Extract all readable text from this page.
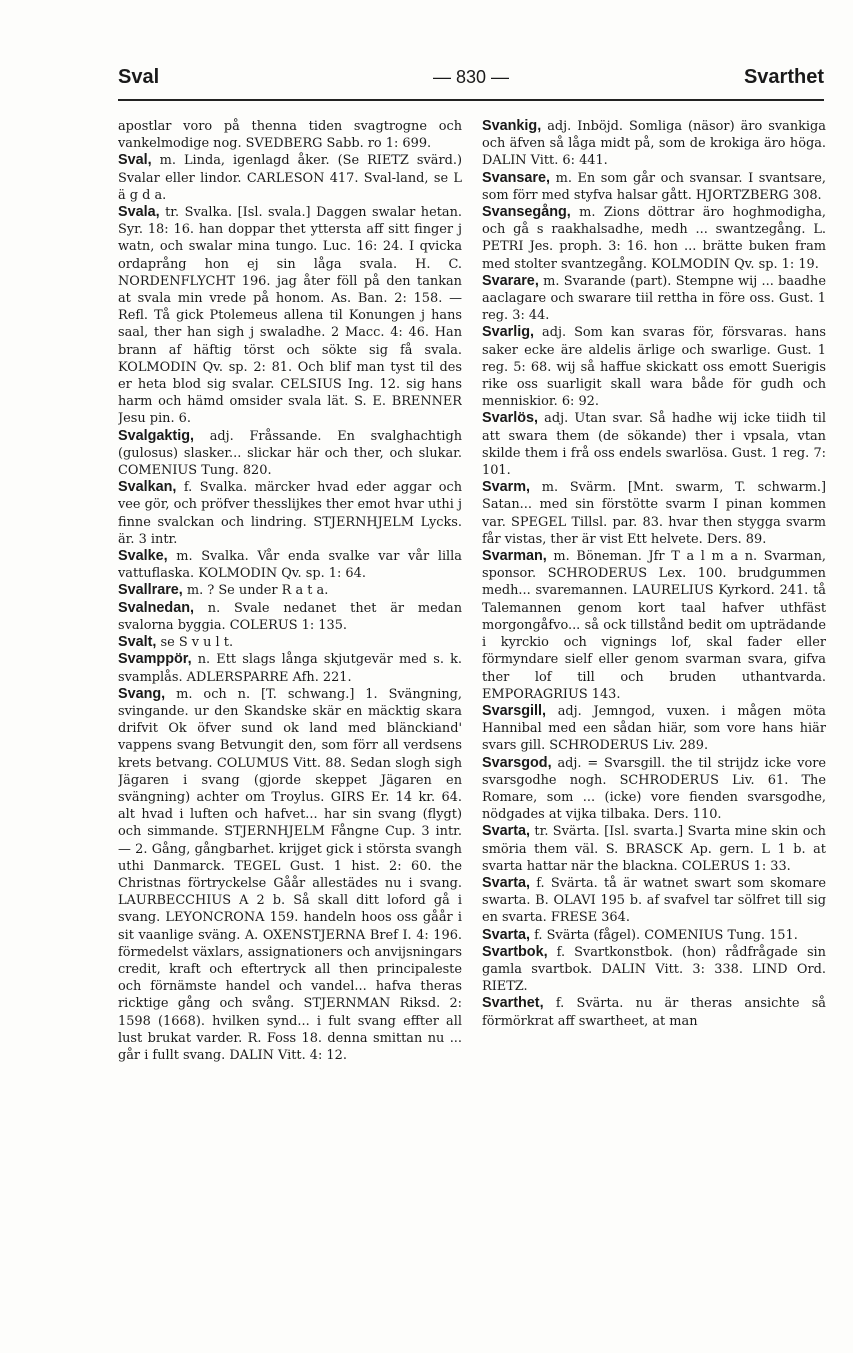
Sval	— 830 —	Svarthet

apostlar voro på thenna tiden svagtrogne och vankelmodige nog. SVEDBERG Sabb. ro 1: 699.

Sval, m. Linda, igenlagd åker. (Se RIETZ svärd.) Svalar eller lindor. CARLESON 417. Sval-land, se L ä g d a.

Svala, tr. Svalka. [Isl. svala.] Daggen swalar hetan. Syr. 18: 16. han doppar thet yttersta aff sitt finger j watn, och swalar mina tungo. Luc. 16: 24. I qvicka ordaprång hon ej sin låga svala. H. C. NORDENFLYCHT 196. jag åter föll på den tankan at svala min vrede på honom. As. Ban. 2: 158. — Refl. Tå gick Ptolemeus allena til Konungen j hans saal, ther han sigh j swaladhe. 2 Macc. 4: 46. Han brann af häftig törst och sökte sig få svala. KOLMODIN Qv. sp. 2: 81. Och blif man tyst til des er heta blod sig svalar. CELSIUS Ing. 12. sig hans harm och hämd omsider svala lät. S. E. BRENNER Jesu pin. 6.

Svalgaktig, adj. Fråssande. En svalghachtigh (gulosus) slasker... slickar här och ther, och slukar. COMENIUS Tung. 820.

Svalkan, f. Svalka. märcker hvad eder aggar och vee gör, och pröfver thesslijkes ther emot hvar uthi j finne svalckan och lindring. STJERNHJELM Lycks. är. 3 intr.

Svalke, m. Svalka. Vår enda svalke var vår lilla vattuflaska. KOLMODIN Qv. sp. 1: 64.

Svallrare, m. ? Se under R a t a.

Svalnedan, n. Svale nedanet thet är medan svalorna byggia. COLERUS 1: 135.

Svalt, se S v u l t.

Svampрör, n. Ett slags långa skjutgevär med s. k. svamplås. ADLERSPARRE Afh. 221.

Svang, m. och n. [T. schwang.] 1. Svängning, svingande. ur den Skandske skär en mäcktig skara drifvit Ok öfver sund ok land med blänckiand' vappens svang Betvungit den, som förr all verdsens krets betvang. COLUMUS Vitt. 88. Sedan slogh sigh Jägaren i svang (gjorde skeppet Jägaren en svängning) achter om Troylus. GIRS Er. 14 kr. 64. alt hvad i luften och hafvet... har sin svang (flygt) och simmande. STJERNHJELM Fångne Cup. 3 intr. — 2. Gång, gångbarhet. krijget gick i största svangh uthi Danmarck. TEGEL Gust. 1 hist. 2: 60. the Christnas förtryckelse Gåår allestädes nu i svang. LAURBECCHIUS A 2 b. Så skall ditt loford gå i svang. LEYONCRONA 159. handeln hoos oss gåår i sit vaanlige sväng. A. OXENSTJERNA Bref I. 4: 196. förmedelst växlars, assignationers och anvijsningars credit, kraft och eftertryck all then principaleste och förnämste handel och vandel... hafva theras ricktige gång och svång. STJERNMAN Riksd. 2: 1598 (1668). hvilken synd... i fult svang effter all lust brukat varder. R. Foss 18. denna smittan nu ... går i fullt svang. DALIN Vitt. 4: 12.

Svankig, adj. Inböjd. Somliga (näsor) äro svankiga och äfven så låga midt på, som de krokiga äro höga. DALIN Vitt. 6: 441.

Svansare, m. En som går och svansar. I svantsare, som förr med styfva halsar gått. HJORTZBERG 308.

Svansegång, m. Zions döttrar äro hoghmodigha, och gå s raakhalsadhe, medh ... swantzegång. L. PETRI Jes. proph. 3: 16. hon ... brätte buken fram med stolter svantzegång. KOLMODIN Qv. sp. 1: 19.

Svarare, m. Svarande (part). Stempne wij ... baadhe aaclagare och swarare tiil rettha in före oss. Gust. 1 reg. 3: 44.

Svarlig, adj. Som kan svaras för, försvaras. hans saker ecke äre aldelis ärlige och swarlige. Gust. 1 reg. 5: 68. wij så haffue skickatt oss emott Suerigis rike oss suarligit skall wara både för gudh och menniskior. 6: 92.

Svarlös, adj. Utan svar. Så hadhe wij icke tiidh til att swara them (de sökande) ther i vpsala, vtan skilde them i frå oss endels swarlösa. Gust. 1 reg. 7: 101.

Svarm, m. Svärm. [Mnt. swarm, T. schwarm.] Satan... med sin förstötte svarm I pinan kommen var. SPEGEL Tillsl. par. 83. hvar then stygga svarm får vistas, ther är vist Ett helvete. Ders. 89.

Svarman, m. Böneman. Jfr T a l m a n. Svarman, sponsor. SCHRODERUS Lex. 100. brudgummen medh... svaremannen. LAURELIUS Kyrkord. 241. tå Talemannen genom kort taal hafver uthfäst morgongåfvo... så ock tillstånd bedit om upträdande i kyrckio och vignings lof, skal fader eller förmyndare sielf eller genom svarman svara, gifva ther lof till och bruden uthantvarda. EMPORAGRIUS 143.

Svarsgill, adj. Jemngod, vuxen. i mågen möta Hannibal med een sådan hiär, som vore hans hiär svars gill. SCHRODERUS Liv. 289.

Svarsgod, adj. = Svarsgill. the til strijdz icke vore svarsgodhe nogh. SCHRODERUS Liv. 61. The Romare, som ... (icke) vore fienden svarsgodhe, nödgades at vijka tilbaka. Ders. 110.

Svarta, tr. Svärta. [Isl. svarta.] Svarta mine skin och smöria them väl. S. BRASCK Ap. gern. L 1 b. at svarta hattar när the blackna. COLERUS 1: 33.

Svarta, f. Svärta. tå är watnet swart som skomare swarta. B. OLAVI 195 b. af svafvel tar sölfret till sig en svarta. FRESE 364.

Svarta, f. Svärta (fågel). COMENIUS Tung. 151.

Svartbok, f. Svartkonstbok. (hon) rådfrågade sin gamla svartbok. DALIN Vitt. 3: 338. LIND Ord. RIETZ.

Svarthet, f. Svärta. nu är theras ansichte så förmörkrat aff swartheet, at man
